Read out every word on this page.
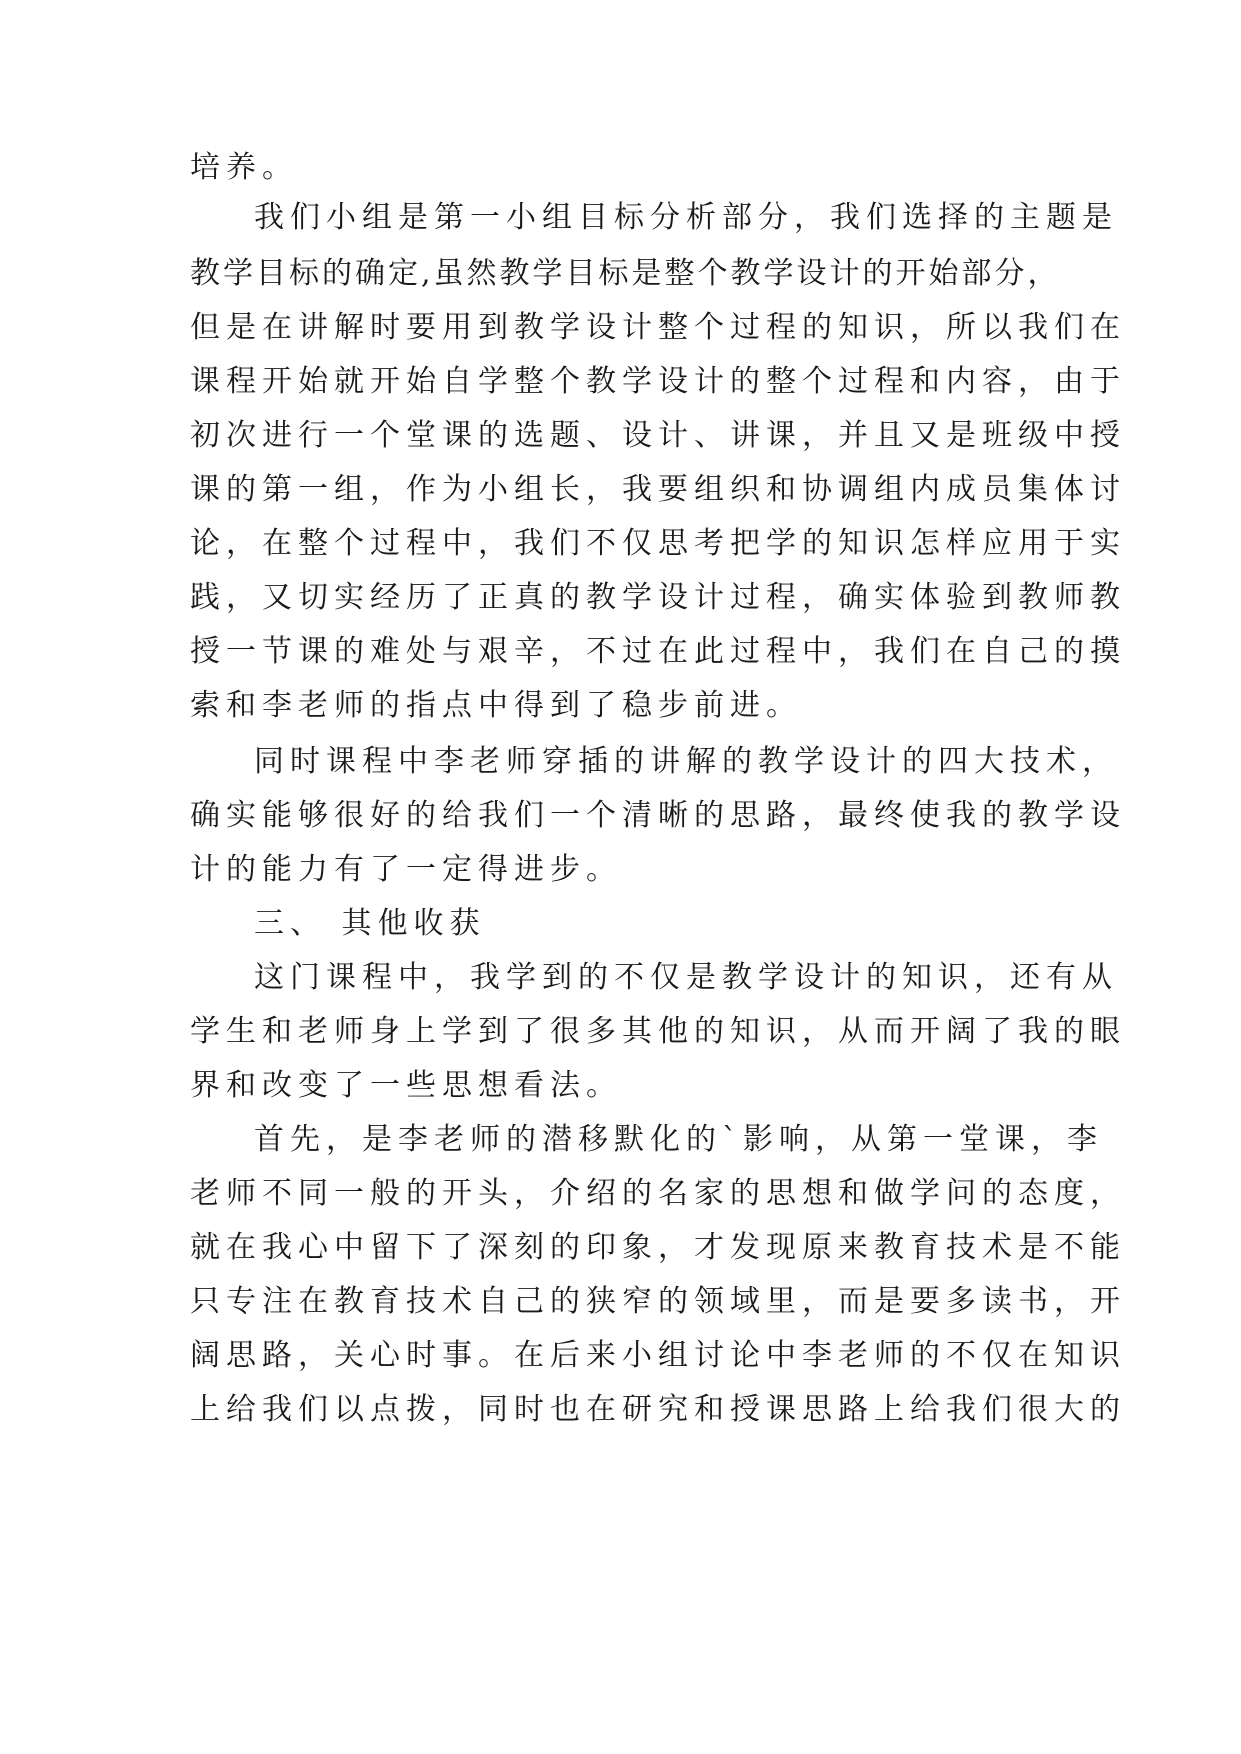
培养。
我们小组是第一小组目标分析部分，我们选择的主题是
教学目标的确定,虽然教学目标是整个教学设计的开始部分，
但是在讲解时要用到教学设计整个过程的知识，所以我们在
课程开始就开始自学整个教学设计的整个过程和内容，由于
初次进行一个堂课的选题、设计、讲课，并且又是班级中授
课的第一组，作为小组长，我要组织和协调组内成员集体讨
论，在整个过程中，我们不仅思考把学的知识怎样应用于实
践，又切实经历了正真的教学设计过程，确实体验到教师教
授一节课的难处与艰辛，不过在此过程中，我们在自己的摸
索和李老师的指点中得到了稳步前进。
同时课程中李老师穿插的讲解的教学设计的四大技术，
确实能够很好的给我们一个清晰的思路，最终使我的教学设
计的能力有了一定得进步。
三、 其他收获
这门课程中，我学到的不仅是教学设计的知识，还有从
学生和老师身上学到了很多其他的知识，从而开阔了我的眼
界和改变了一些思想看法。
首先，是李老师的潜移默化的`影响，从第一堂课，李
老师不同一般的开头，介绍的名家的思想和做学问的态度，
就在我心中留下了深刻的印象，才发现原来教育技术是不能
只专注在教育技术自己的狭窄的领域里，而是要多读书，开
阔思路，关心时事。在后来小组讨论中李老师的不仅在知识
上给我们以点拨，同时也在研究和授课思路上给我们很大的
